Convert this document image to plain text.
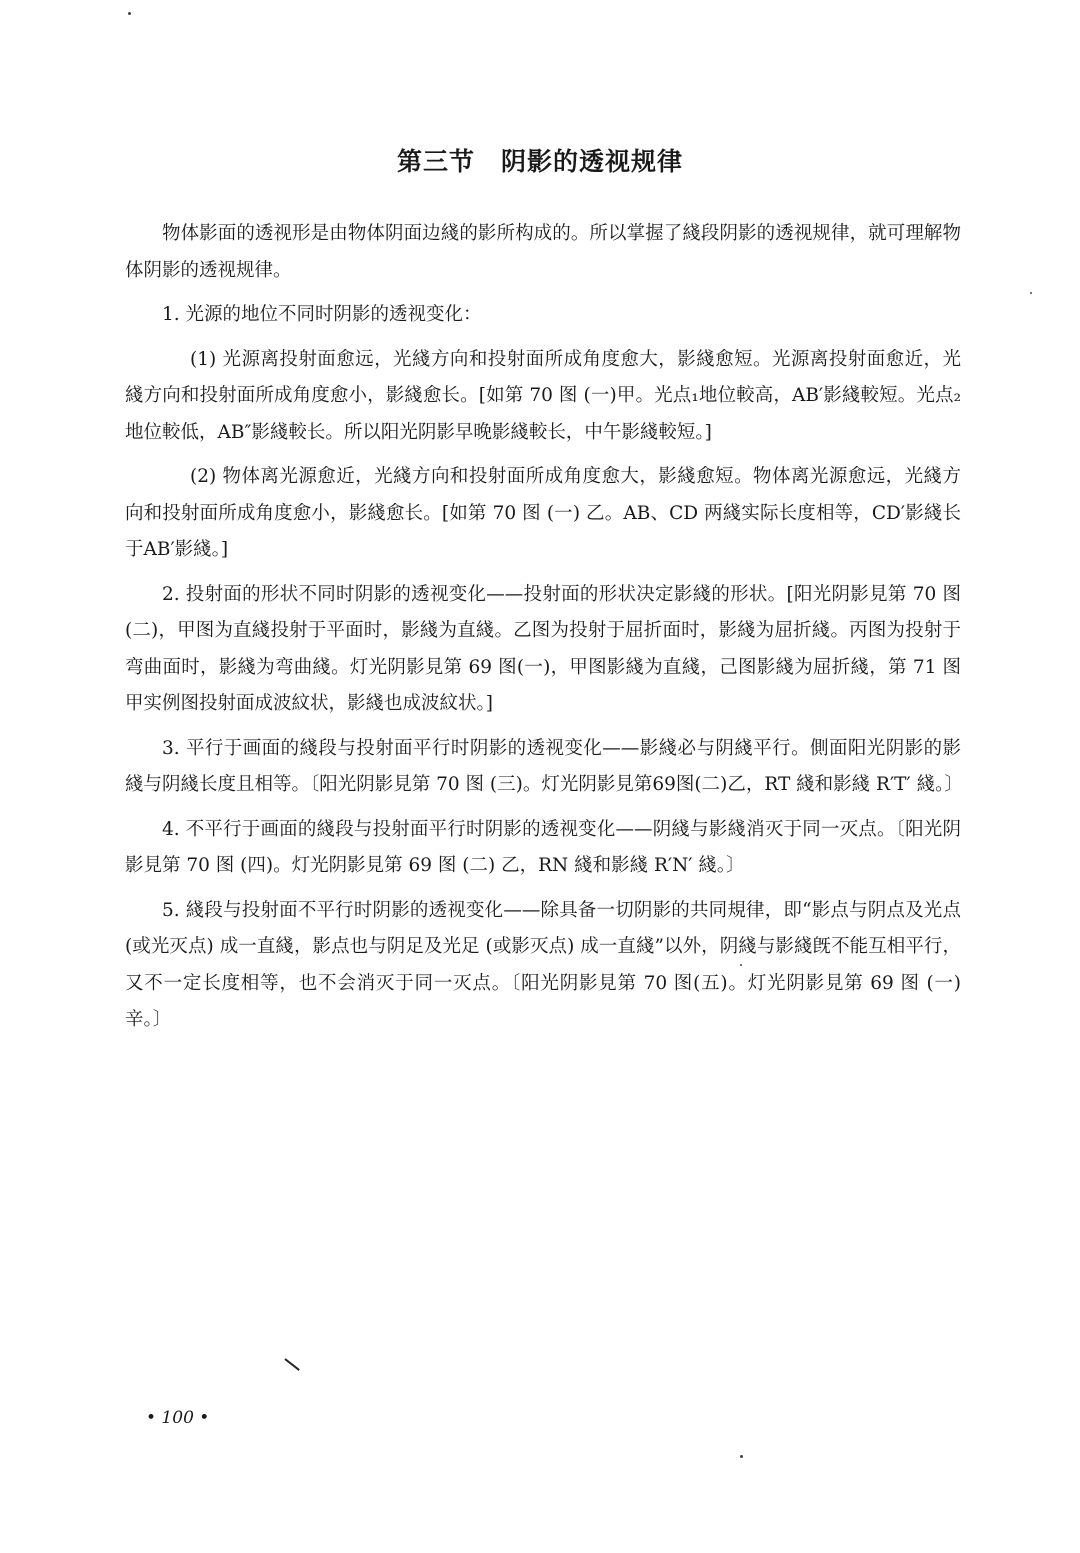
第三节　阴影的透视规律

物体影面的透视形是由物体阴面边綫的影所构成的。所以掌握了綫段阴影的透视规律，就可理解物体阴影的透视规律。

1. 光源的地位不同时阴影的透视变化：

(1) 光源离投射面愈远，光綫方向和投射面所成角度愈大，影綫愈短。光源离投射面愈近，光綫方向和投射面所成角度愈小，影綫愈长。[如第 70 图 (一)甲。光点₁地位較高，AB′影綫較短。光点₂地位較低，AB″影綫較长。所以阳光阴影早晚影綫較长，中午影綫較短。]

(2) 物体离光源愈近，光綫方向和投射面所成角度愈大，影綫愈短。物体离光源愈远，光綫方向和投射面所成角度愈小，影綫愈长。[如第 70 图 (一) 乙。AB、CD 两綫实际长度相等，CD′影綫长于AB′影綫。]

2. 投射面的形状不同时阴影的透视变化——投射面的形状决定影綫的形状。[阳光阴影見第 70 图(二)，甲图为直綫投射于平面时，影綫为直綫。乙图为投射于屈折面时，影綫为屈折綫。丙图为投射于弯曲面时，影綫为弯曲綫。灯光阴影見第 69 图(一)，甲图影綫为直綫，己图影綫为屈折綫，第 71 图甲实例图投射面成波紋状，影綫也成波紋状。]

3. 平行于画面的綫段与投射面平行时阴影的透视变化——影綫必与阴綫平行。側面阳光阴影的影綫与阴綫长度且相等。〔阳光阴影見第 70 图 (三)。灯光阴影見第69图(二)乙，RT 綫和影綫 R′T′ 綫。〕

4. 不平行于画面的綫段与投射面平行时阴影的透视变化——阴綫与影綫消灭于同一灭点。〔阳光阴影見第 70 图 (四)。灯光阴影見第 69 图 (二) 乙，RN 綫和影綫 R′N′ 綫。〕

5. 綫段与投射面不平行时阴影的透视变化——除具备一切阴影的共同規律，即“影点与阴点及光点 (或光灭点) 成一直綫，影点也与阴足及光足 (或影灭点) 成一直綫”以外，阴綫与影綫旣不能互相平行，又不一定长度相等，也不会消灭于同一灭点。〔阳光阴影見第 70 图(五)。灯光阴影見第 69 图 (一) 辛。〕

• 100 •
